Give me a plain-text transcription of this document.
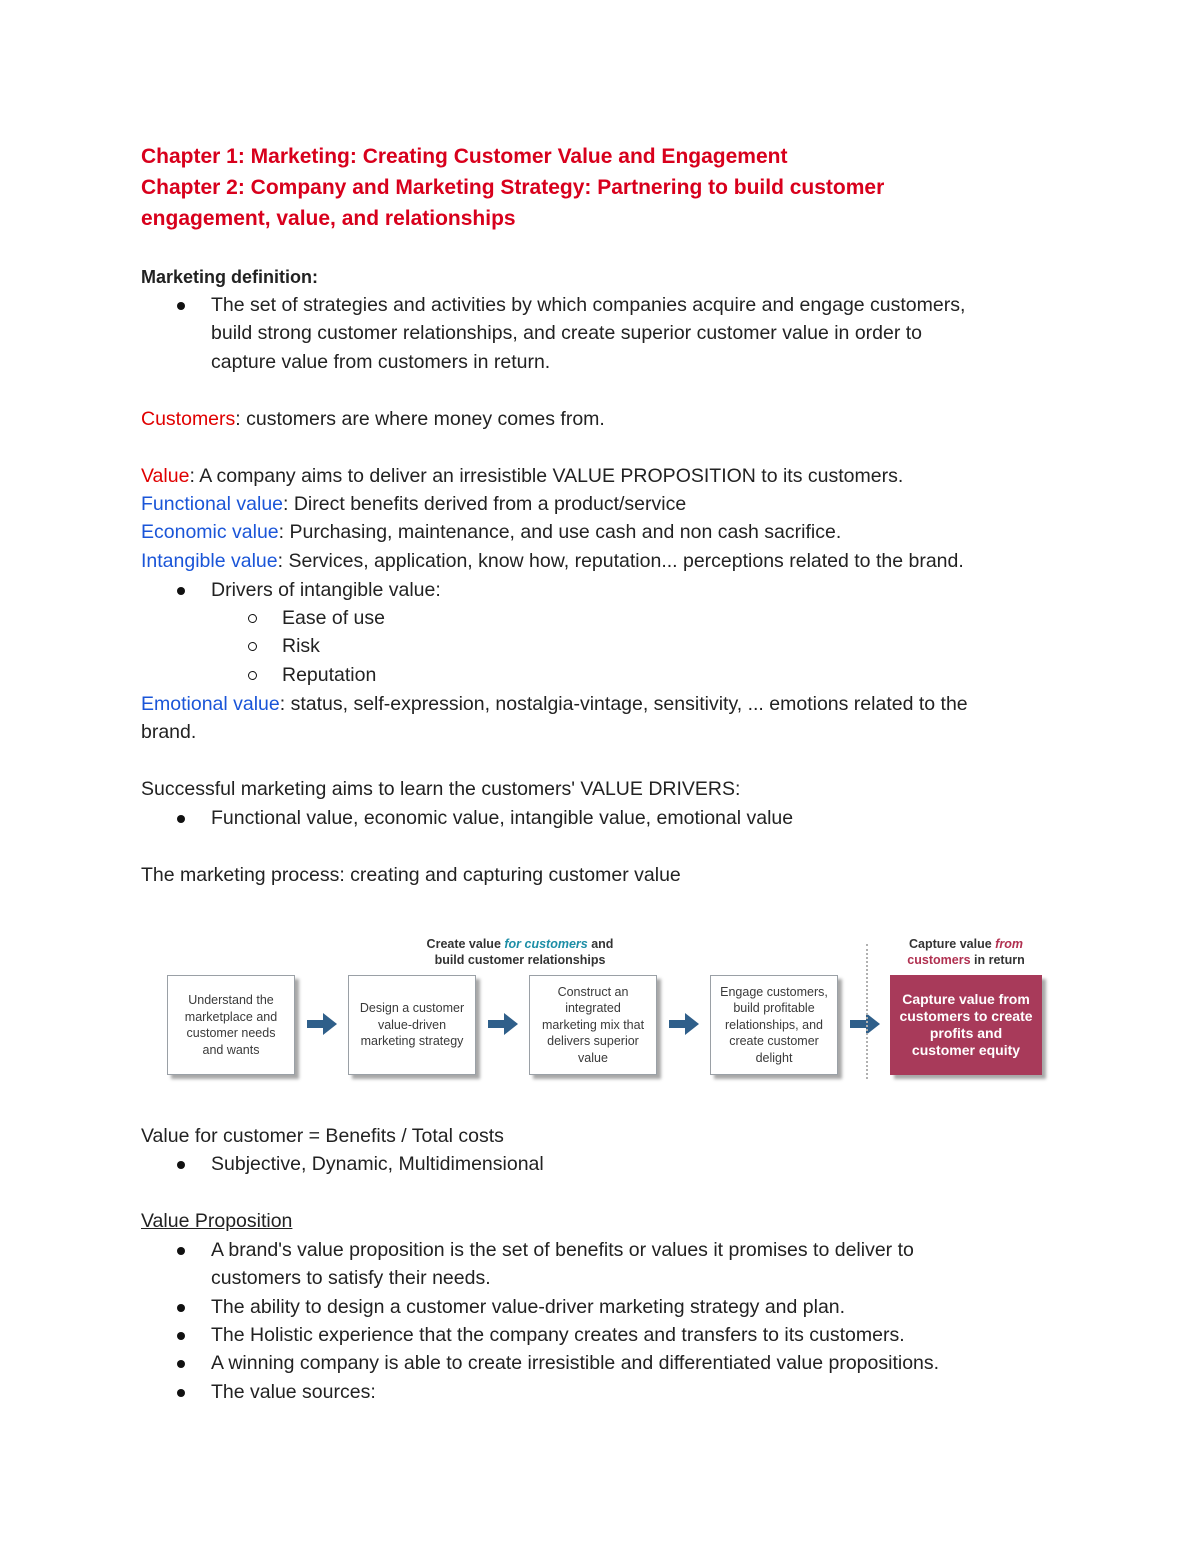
Chapter 1: Marketing: Creating Customer Value and Engagement
Chapter 2: Company and Marketing Strategy: Partnering to build customer
engagement, value, and relationships
Marketing definition:
The set of strategies and activities by which companies acquire and engage customers,
build strong customer relationships, and create superior customer value in order to
capture value from customers in return.
Customers: customers are where money comes from.
Value: A company aims to deliver an irresistible VALUE PROPOSITION to its customers.
Functional value: Direct benefits derived from a product/service
Economic value: Purchasing, maintenance, and use cash and non cash sacrifice.
Intangible value: Services, application, know how, reputation... perceptions related to the brand.
Drivers of intangible value:
Ease of use
Risk
Reputation
Emotional value: status, self-expression, nostalgia-vintage, sensitivity, ... emotions related to the
brand.
Successful marketing aims to learn the customers' VALUE DRIVERS:
Functional value, economic value, intangible value, emotional value
The marketing process: creating and capturing customer value
Value for customer = Benefits / Total costs
Subjective, Dynamic, Multidimensional
Value Proposition
A brand's value proposition is the set of benefits or values it promises to deliver to
customers to satisfy their needs.
The ability to design a customer value-driver marketing strategy and plan.
The Holistic experience that the company creates and transfers to its customers.
A winning company is able to create irresistible and differentiated value propositions.
The value sources:
Create value for customers and
build customer relationships
Capture value from
customers in return
Understand the marketplace and customer needs and wants
Design a customer value-driven marketing strategy
Construct an integrated marketing mix that delivers superior value
Engage customers, build profitable relationships, and create customer delight
Capture value from customers to create profits and customer equity
